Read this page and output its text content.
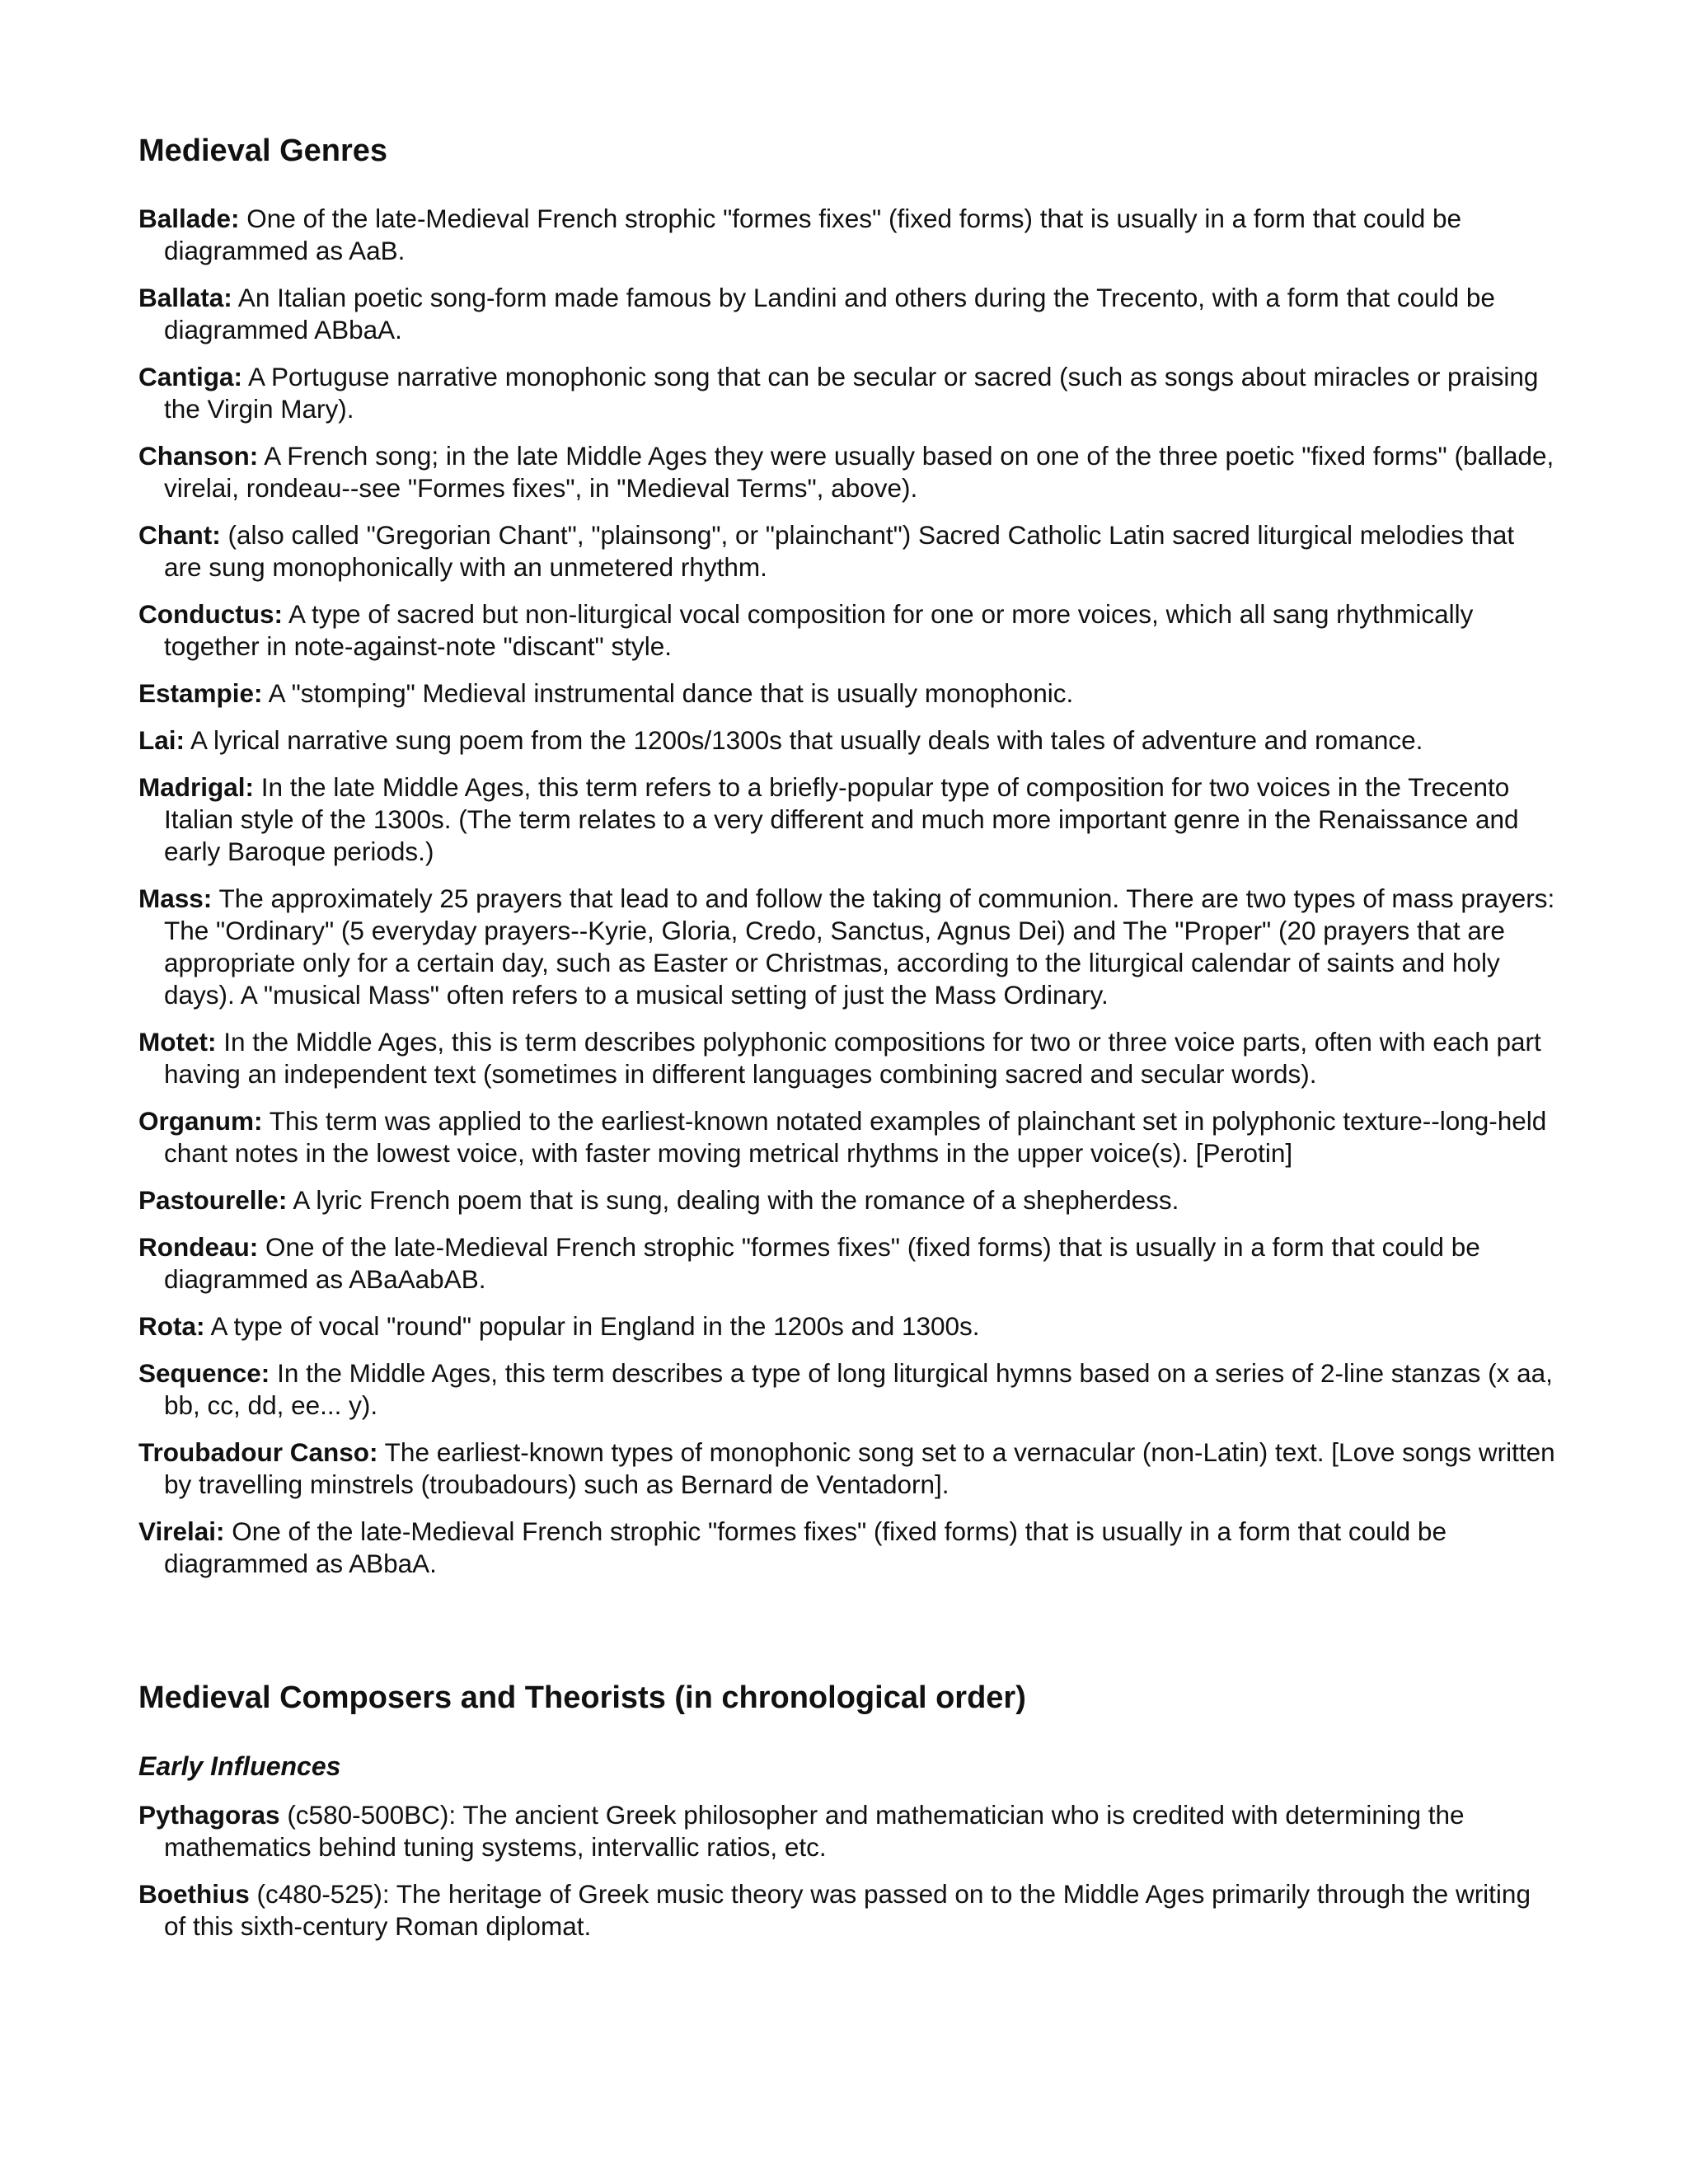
Medieval Genres

Ballade: One of the late-Medieval French strophic "formes fixes" (fixed forms) that is usually in a form that could be diagrammed as AaB.

Ballata: An Italian poetic song-form made famous by Landini and others during the Trecento, with a form that could be diagrammed ABbaA.

Cantiga: A Portuguse narrative monophonic song that can be secular or sacred (such as songs about miracles or praising the Virgin Mary).

Chanson: A French song; in the late Middle Ages they were usually based on one of the three poetic "fixed forms" (ballade, virelai, rondeau--see "Formes fixes", in "Medieval Terms", above).

Chant: (also called "Gregorian Chant", "plainsong", or "plainchant") Sacred Catholic Latin sacred liturgical melodies that are sung monophonically with an unmetered rhythm.

Conductus: A type of sacred but non-liturgical vocal composition for one or more voices, which all sang rhythmically together in note-against-note "discant" style.

Estampie: A "stomping" Medieval instrumental dance that is usually monophonic.

Lai: A lyrical narrative sung poem from the 1200s/1300s that usually deals with tales of adventure and romance.

Madrigal: In the late Middle Ages, this term refers to a briefly-popular type of composition for two voices in the Trecento Italian style of the 1300s. (The term relates to a very different and much more important genre in the Renaissance and early Baroque periods.)

Mass: The approximately 25 prayers that lead to and follow the taking of communion. There are two types of mass prayers: The "Ordinary" (5 everyday prayers--Kyrie, Gloria, Credo, Sanctus, Agnus Dei) and The "Proper" (20 prayers that are appropriate only for a certain day, such as Easter or Christmas, according to the liturgical calendar of saints and holy days). A "musical Mass" often refers to a musical setting of just the Mass Ordinary.

Motet: In the Middle Ages, this is term describes polyphonic compositions for two or three voice parts, often with each part having an independent text (sometimes in different languages combining sacred and secular words).

Organum: This term was applied to the earliest-known notated examples of plainchant set in polyphonic texture--long-held chant notes in the lowest voice, with faster moving metrical rhythms in the upper voice(s). [Perotin]

Pastourelle: A lyric French poem that is sung, dealing with the romance of a shepherdess.

Rondeau: One of the late-Medieval French strophic "formes fixes" (fixed forms) that is usually in a form that could be diagrammed as ABaAabAB.

Rota: A type of vocal "round" popular in England in the 1200s and 1300s.

Sequence: In the Middle Ages, this term describes a type of long liturgical hymns based on a series of 2-line stanzas (x aa, bb, cc, dd, ee... y).

Troubadour Canso: The earliest-known types of monophonic song set to a vernacular (non-Latin) text. [Love songs written by travelling minstrels (troubadours) such as Bernard de Ventadorn].

Virelai: One of the late-Medieval French strophic "formes fixes" (fixed forms) that is usually in a form that could be diagrammed as ABbaA.

Medieval Composers and Theorists (in chronological order)
Early Influences

Pythagoras (c580-500BC): The ancient Greek philosopher and mathematician who is credited with determining the mathematics behind tuning systems, intervallic ratios, etc.

Boethius (c480-525): The heritage of Greek music theory was passed on to the Middle Ages primarily through the writing of this sixth-century Roman diplomat.
